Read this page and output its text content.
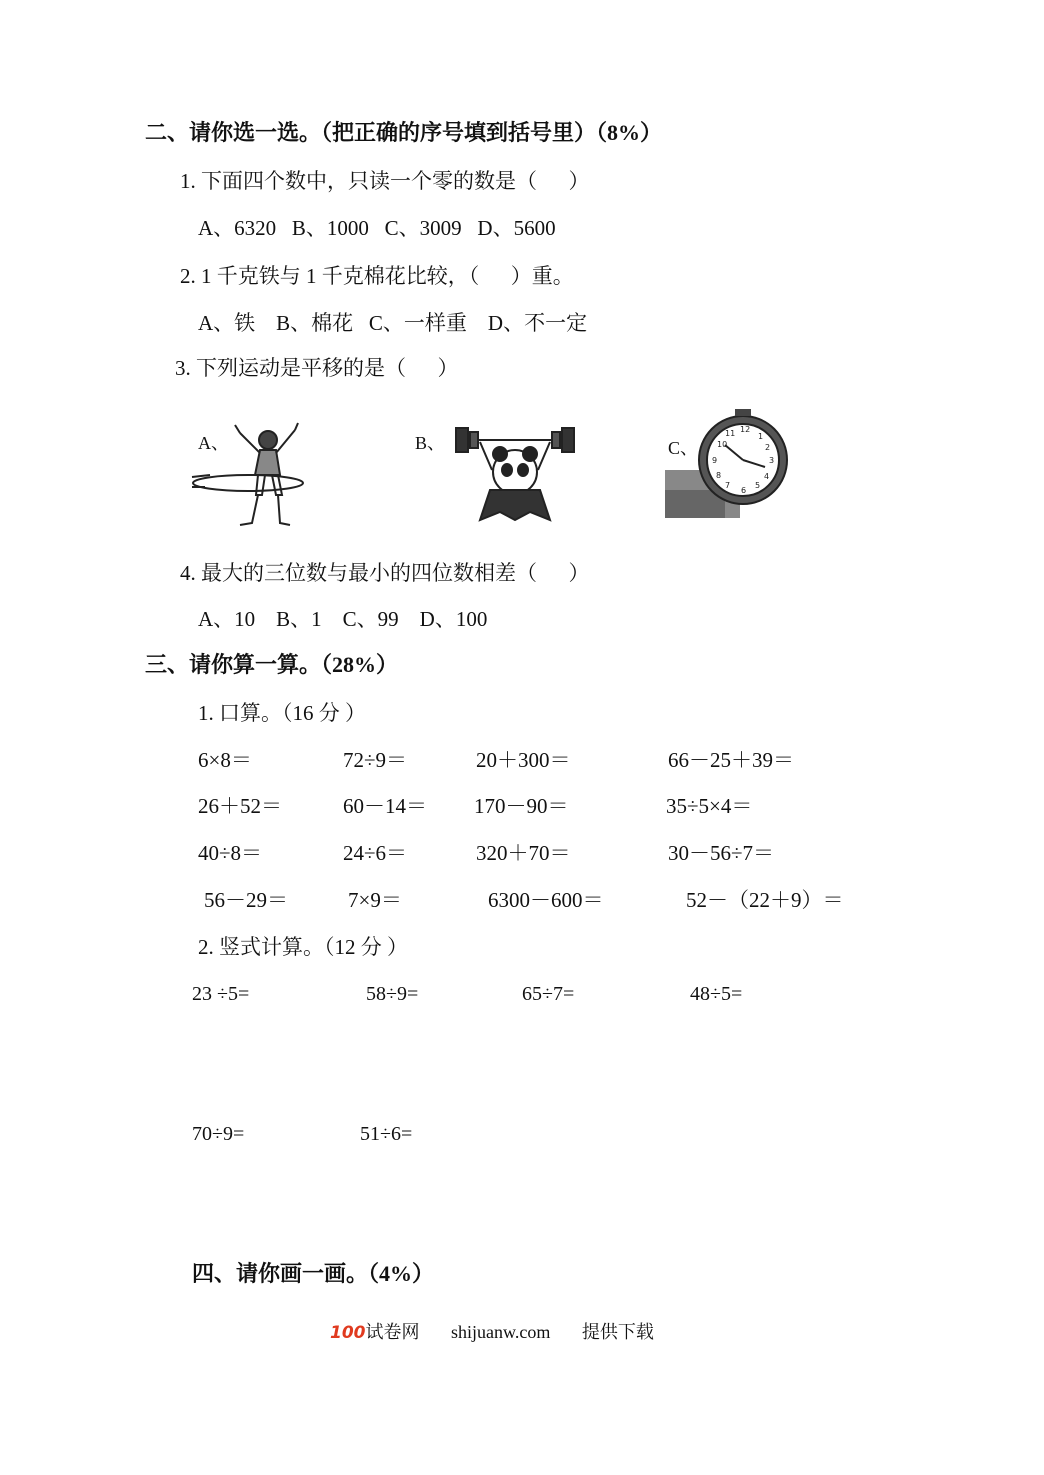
二、请你选一选。（把正确的序号填到括号里）（8%）
1. 下面四个数中，只读一个零的数是（      ）
A、6320   B、1000   C、3009   D、5600
2. 1 千克铁与 1 千克棉花比较，（      ）重。
A、铁    B、棉花   C、一样重    D、不一定
3. 下列运动是平移的是（      ）
A、	B、	C、
12
3
6
9
1
2
4
5
7
8
10
11
4. 最大的三位数与最小的四位数相差（      ）
A、10    B、1    C、99    D、100
三、请你算一算。（28%）
1. 口算。（16 分 ）
6×8＝	72÷9＝	20＋300＝	66－25＋39＝
26＋52＝	60－14＝ 170－90＝	35÷5×4＝
40÷8＝	24÷6＝	320＋70＝	30－56÷7＝
56－29＝	7×9＝	6300－600＝	52－（22＋9）＝
2. 竖式计算。（12 分 ）
23 ÷5=	58÷9=	65÷7=	48÷5=
70÷9=	51÷6=
四、请你画一画。（4%）
100试卷网 shijuanw.com 提供下载
